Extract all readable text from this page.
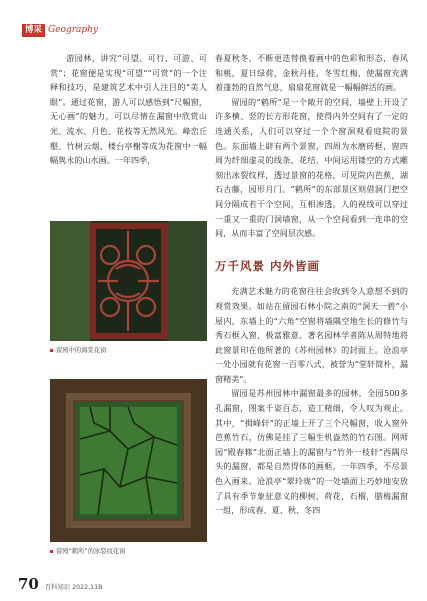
博采 Geography

游园林，讲究“可望、可行、可游、可赏”；花窗便是实现“可望”“可赏”的一个注释和技巧，是建筑艺术中引人注目的“美人眼”。通过花窗，游人可以感悟到“尺幅窗，无心画”的魅力，可以尽情在漏窗中欣赏山光、流水、月色、花枝等无然风光。峰峦丘壑、竹树云烟、楼台亭榭等成为花窗中一幅幅隽永的山水画。一年四季，

留园中的海棠花窗
留园“鹤所”的冰裂纹花窗

春夏秋冬，不断更迭替换着画中的色彩和形态，春风和桃，夏日绿荷，金秋丹桂，冬雪红梅，使漏窗充满着蓬勃的自然气息，扇扇花窗就是一幅幅鲜活的画。

留园的“鹤所”是一个敞开的空间，墙壁上开设了许多横、竖的长方形花窗，使得内外空间有了一定的连通关系，人们可以穿过一个个窗洞观看庭院的景色。东面墙上辟有两个景窗，四周为水磨砖框，窗四周为纤细虚灵的线条、花结，中间运用镂空的方式雕刻出冰裂纹样，透过景窗的花格，可见院内芭蕉，湖石古藤，园形月门。“鹤所”的东部景区则借洞门把空间分隔成若干个空间，互相渗透。人的视线可以穿过一重又一重的门洞墙窗，从一个空间看到一连串的空间，从而丰富了空间层次感。

万千风景 内外皆画

充满艺术魅力的花窗往往会收到令人意想不到的观赏效果。如站在留园石林小院之南的“洞天一碧”小屋内，东墙上的“六角”空窗将墙隅空地生长的修竹与秀石框入窗，极富雅意，著名园林学者陈从周特地将此窗景印在他所著的《苏州园林》的封面上。沧浪亭一处小园就有花窗一百零八式，被誉为“堂轩简朴，漏窗精美”。

留园是苏州园林中漏窗最多的园林，全园500多孔漏窗，图案千姿百态，造工精细，令人叹为观止。其中，“揖峰轩”的正墙上开了三个尺幅窗，收入窗外芭蕉竹石，仿佛是挂了三幅生机盎然的竹石图。网师园“殿春簃”北面正墙上的漏窗与“竹外一枝轩”西隅尽头的漏窗，都是自然得体的画框，一年四季，不尽景色入画来。沧浪亭“翠玲珑”的一处墙面上巧妙地安放了具有季节象征意义的柳树，荷花，石榴，腊梅漏窗一组，形成春、夏、秋、冬四

70 百科知识 2022.11B
